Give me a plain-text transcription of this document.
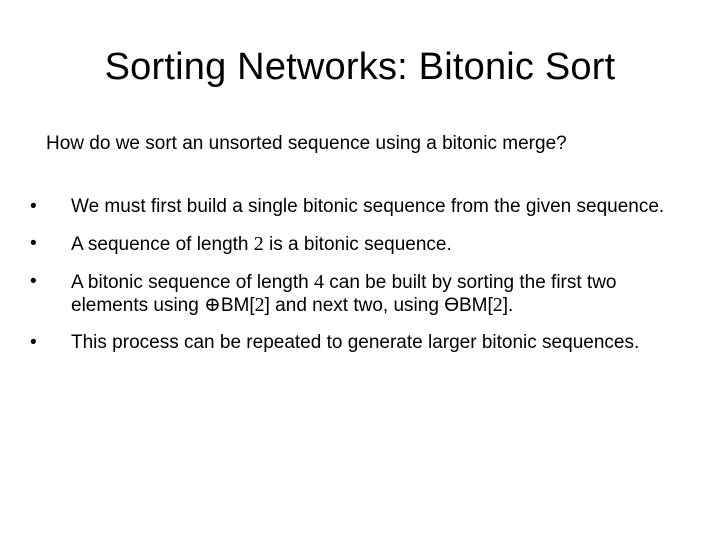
Sorting Networks: Bitonic Sort
How do we sort an unsorted sequence using a bitonic merge?
•	We must first build a single bitonic sequence from the given sequence.
•	A sequence of length 2 is a bitonic sequence.
•	A bitonic sequence of length 4 can be built by sorting the first two elements using ⊕BM[2] and next two, using ϴBM[2].
•	This process can be repeated to generate larger bitonic sequences.
